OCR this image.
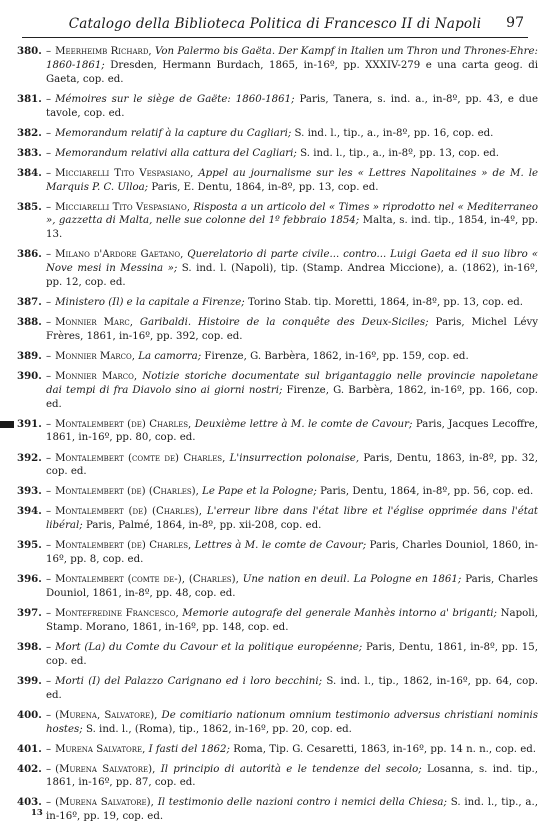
Catalogo della Biblioteca Politica di Francesco II di Napoli	97
380. – Meerheimb Richard, Von Palermo bis Gaëta. Der Kampf in Italien um Thron und Thrones-Ehre: 1860-1861; Dresden, Hermann Burdach, 1865, in-16º, pp. XXXIV-279 e una carta geog. di Gaeta, cop. ed.
381. – Mémoires sur le siège de Gaëte: 1860-1861; Paris, Tanera, s. ind. a., in-8º, pp. 43, e due tavole, cop. ed.
382. – Memorandum relatif à la capture du Cagliari; S. ind. l., tip., a., in-8º, pp. 16, cop. ed.
383. – Memorandum relativi alla cattura del Cagliari; S. ind. l., tip., a., in-8º, pp. 13, cop. ed.
384. – Micciarelli Tito Vespasiano, Appel au journalisme sur les « Lettres Napolitaines » de M. le Marquis P. C. Ulloa; Paris, E. Dentu, 1864, in-8º, pp. 13, cop. ed.
385. – Micciarelli Tito Vespasiano, Risposta a un articolo del « Times » riprodotto nel « Mediterraneo », gazzetta di Malta, nelle sue colonne del 1º febbraio 1854; Malta, s. ind. tip., 1854, in-4º, pp. 13.
386. – Milano d'Ardore Gaetano, Querelatorio di parte civile... contro... Luigi Gaeta ed il suo libro « Nove mesi in Messina »; S. ind. l. (Napoli), tip. (Stamp. Andrea Miccione), a. (1862), in-16º, pp. 12, cop. ed.
387. – Ministero (Il) e la capitale a Firenze; Torino Stab. tip. Moretti, 1864, in-8º, pp. 13, cop. ed.
388. – Monnier Marc, Garibaldi. Histoire de la conquête des Deux-Siciles; Paris, Michel Lévy Frères, 1861, in-16º, pp. 392, cop. ed.
389. – Monnier Marco, La camorra; Firenze, G. Barbèra, 1862, in-16º, pp. 159, cop. ed.
390. – Monnier Marco, Notizie storiche documentate sul brigantaggio nelle provincie napoletane dai tempi di fra Diavolo sino ai giorni nostri; Firenze, G. Barbèra, 1862, in-16º, pp. 166, cop. ed.
391. – Montalembert (de) Charles, Deuxième lettre à M. le comte de Cavour; Paris, Jacques Lecoffre, 1861, in-16º, pp. 80, cop. ed.
392. – Montalembert (comte de) Charles, L'insurrection polonaise, Paris, Dentu, 1863, in-8º, pp. 32, cop. ed.
393. – Montalembert (de) (Charles), Le Pape et la Pologne; Paris, Dentu, 1864, in-8º, pp. 56, cop. ed.
394. – Montalembert (de) (Charles), L'erreur libre dans l'état libre et l'église opprimée dans l'état libéral; Paris, Palmé, 1864, in-8º, pp. xii-208, cop. ed.
395. – Montalembert (de) Charles, Lettres à M. le comte de Cavour; Paris, Charles Douniol, 1860, in-16º, pp. 8, cop. ed.
396. – Montalembert (comte de-), (Charles), Une nation en deuil. La Pologne en 1861; Paris, Charles Douniol, 1861, in-8º, pp. 48, cop. ed.
397. – Montefredine Francesco, Memorie autografe del generale Manhès intorno a' briganti; Napoli, Stamp. Morano, 1861, in-16º, pp. 148, cop. ed.
398. – Mort (La) du Comte du Cavour et la politique européenne; Paris, Dentu, 1861, in-8º, pp. 15, cop. ed.
399. – Morti (I) del Palazzo Carignano ed i loro becchini; S. ind. l., tip., 1862, in-16º, pp. 64, cop. ed.
400. – (Murena, Salvatore), De comitiario nationum omnium testimonio adversus christiani nominis hostes; S. ind. l., (Roma), tip., 1862, in-16º, pp. 20, cop. ed.
401. – Murena Salvatore, I fasti del 1862; Roma, Tip. G. Cesaretti, 1863, in-16º, pp. 14 n. n., cop. ed.
402. – (Murena Salvatore), Il principio di autorità e le tendenze del secolo; Losanna, s. ind. tip., 1861, in-16º, pp. 87, cop. ed.
403. – (Murena Salvatore), Il testimonio delle nazioni contro i nemici della Chiesa; S. ind. l., tip., a., in-16º, pp. 19, cop. ed.
13
